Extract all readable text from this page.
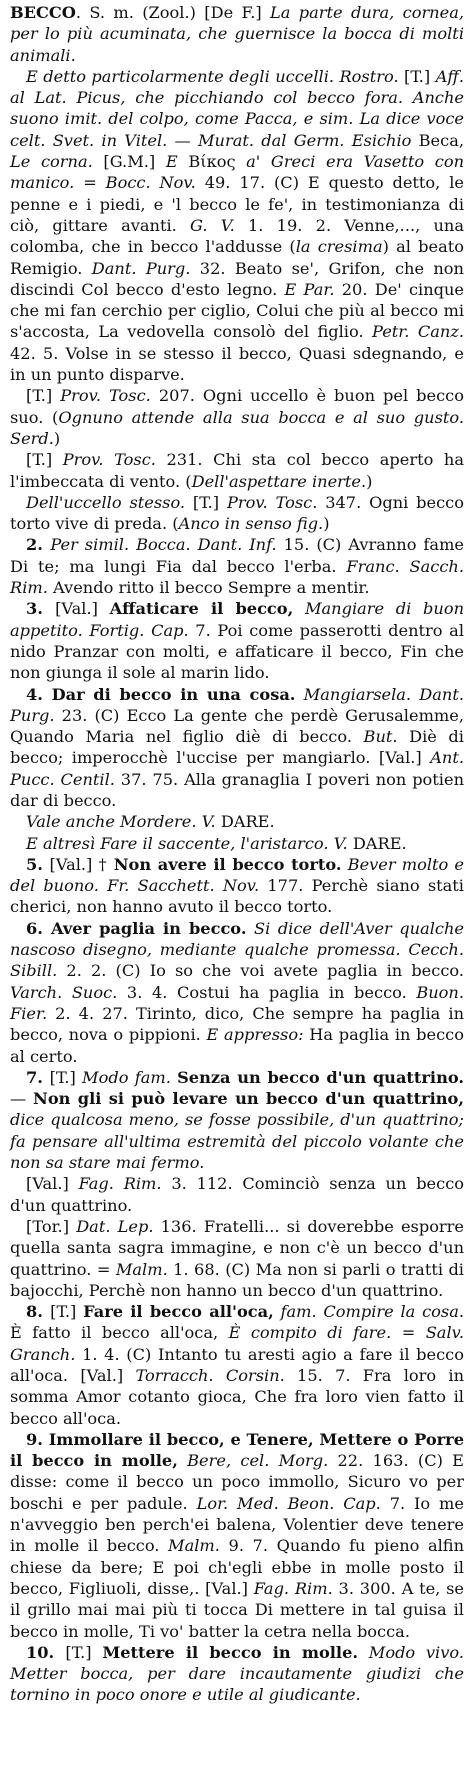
BECCO. S. m. (Zool.) [De F.] La parte dura, cornea, per lo più acuminata, che guernisce la bocca di molti animali.

E detto particolarmente degli uccelli. Rostro. [T.] Aff. al Lat. Picus, che picchiando col becco fora. Anche suono imit. del colpo, come Pacca, e sim. La dice voce celt. Svet. in Vitel. — Murat. dal Germ. Esichio Beca, Le corna. [G.M.] E Βίκος a' Greci era Vasetto con manico. = Bocc. Nov. 49. 17. (C) E questo detto, le penne e i piedi, e 'l becco le fe', in testimonianza di ciò, gittare avanti. G. V. 1. 19. 2. Venne,..., una colomba, che in becco l'addusse (la cresima) al beato Remigio. Dant. Purg. 32. Beato se', Grifon, che non discindi Col becco d'esto legno. E Par. 20. De' cinque che mi fan cerchio per ciglio, Colui che più al becco mi s'accosta, La vedovella consolò del figlio. Petr. Canz. 42. 5. Volse in se stesso il becco, Quasi sdegnando, e in un punto disparve.

[T.] Prov. Tosc. 207. Ogni uccello è buon pel becco suo. (Ognuno attende alla sua bocca e al suo gusto. Serd.)

[T.] Prov. Tosc. 231. Chi sta col becco aperto ha l'imbeccata di vento. (Dell'aspettare inerte.)

Dell'uccello stesso. [T.] Prov. Tosc. 347. Ogni becco torto vive di preda. (Anco in senso fig.)

2. Per simil. Bocca. Dant. Inf. 15. (C) Avranno fame Di te; ma lungi Fia dal becco l'erba. Franc. Sacch. Rim. Avendo ritto il becco Sempre a mentir.

3. [Val.] Affaticare il becco, Mangiare di buon appetito. Fortig. Cap. 7. Poi come passerotti dentro al nido Pranzar con molti, e affaticare il becco, Fin che non giunga il sole al marin lido.

4. Dar di becco in una cosa. Mangiarsela. Dant. Purg. 23. (C) Ecco La gente che perdè Gerusalemme, Quando Maria nel figlio diè di becco. But. Diè di becco; imperocchè l'uccise per mangiarlo. [Val.] Ant. Pucc. Centil. 37. 75. Alla granaglia I poveri non potien dar di becco.

Vale anche Mordere. V. DARE.

E altresì Fare il saccente, l'aristarco. V. DARE.

5. [Val.] † Non avere il becco torto. Bever molto e del buono. Fr. Sacchett. Nov. 177. Perchè siano stati cherici, non hanno avuto il becco torto.

6. Aver paglia in becco. Si dice dell'Aver qualche nascoso disegno, mediante qualche promessa. Cecch. Sibill. 2. 2. (C) Io so che voi avete paglia in becco. Varch. Suoc. 3. 4. Costui ha paglia in becco. Buon. Fier. 2. 4. 27. Tirinto, dico, Che sempre ha paglia in becco, nova o pippioni. E appresso: Ha paglia in becco al certo.

7. [T.] Modo fam. Senza un becco d'un quattrino. — Non gli si può levare un becco d'un quattrino, dice qualcosa meno, se fosse possibile, d'un quattrino; fa pensare all'ultima estremità del piccolo volante che non sa stare mai fermo.

[Val.] Fag. Rim. 3. 112. Cominciò senza un becco d'un quattrino.

[Tor.] Dat. Lep. 136. Fratelli... si doverebbe esporre quella santa sagra immagine, e non c'è un becco d'un quattrino. = Malm. 1. 68. (C) Ma non si parli o tratti di bajocchi, Perchè non hanno un becco d'un quattrino.

8. [T.] Fare il becco all'oca, fam. Compire la cosa. È fatto il becco all'oca, È compito di fare. = Salv. Granch. 1. 4. (C) Intanto tu aresti agio a fare il becco all'oca. [Val.] Torracch. Corsin. 15. 7. Fra loro in somma Amor cotanto gioca, Che fra loro vien fatto il becco all'oca.

9. Immollare il becco, e Tenere, Mettere o Porre il becco in molle, Bere, cel. Morg. 22. 163. (C) E disse: come il becco un poco immollo, Sicuro vo per boschi e per padule. Lor. Med. Beon. Cap. 7. Io me n'avveggio ben perch'ei balena, Volentier deve tenere in molle il becco. Malm. 9. 7. Quando fu pieno alfin chiese da bere; E poi ch'egli ebbe in molle posto il becco, Figliuoli, disse,. [Val.] Fag. Rim. 3. 300. A te, se il grillo mai mai più ti tocca Di mettere in tal guisa il becco in molle, Ti vo' batter la cetra nella bocca.

10. [T.] Mettere il becco in molle. Modo vivo. Metter bocca, per dare incautamente giudizi che tornino in poco onore e utile al giudicante.
